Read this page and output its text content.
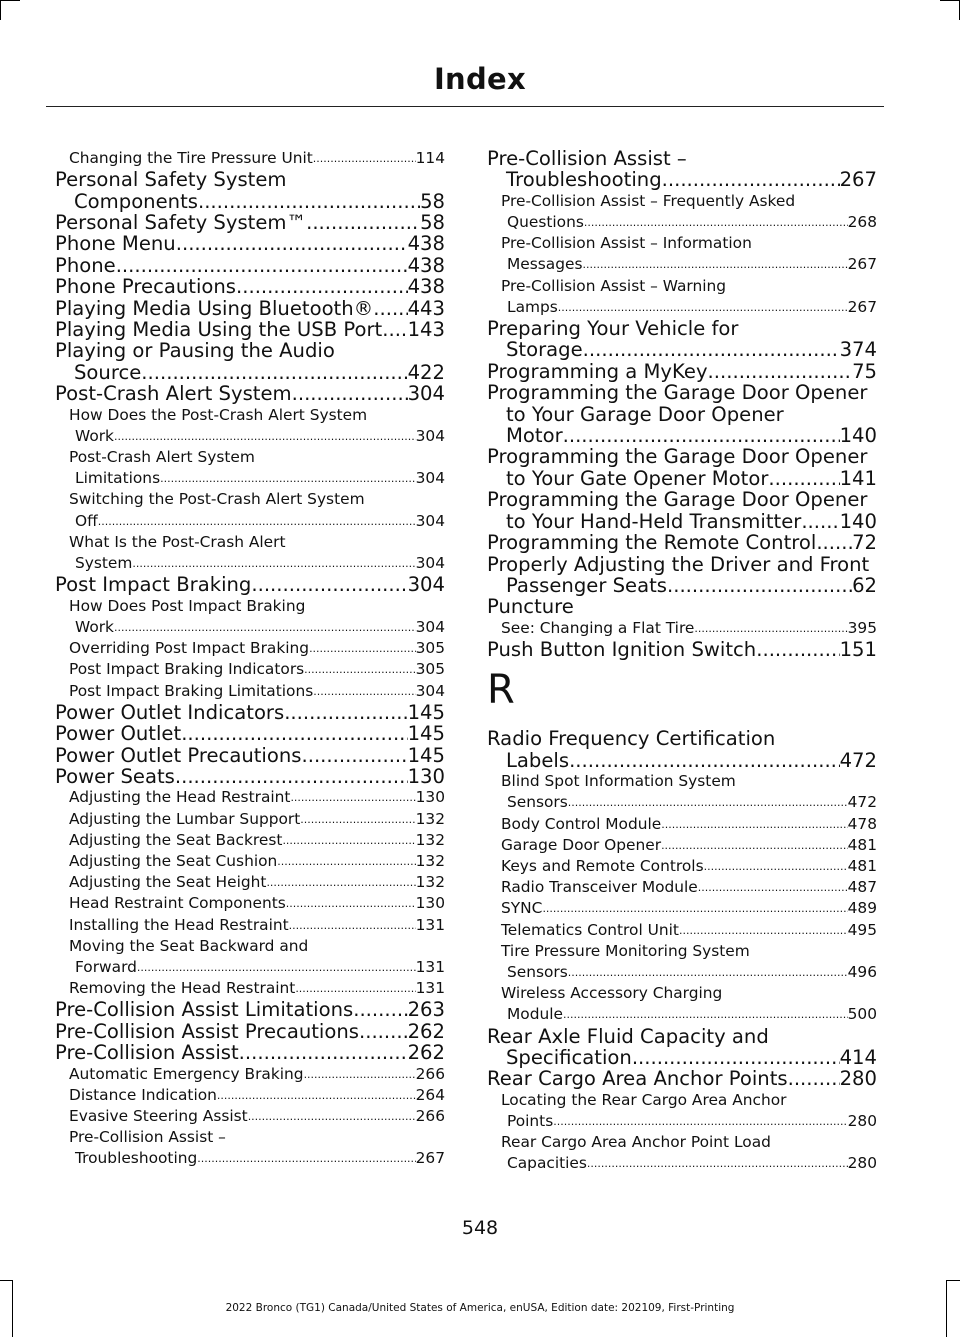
Index
Changing the Tire Pressure Unit .....	114
Personal Safety System
Components .....	58
Personal Safety System™ .....	58
Phone Menu .....	438
Phone .....	438
Phone Precautions .....	438
Playing Media Using Bluetooth® ..... 443
Playing Media Using the USB Port ..... 143
Playing or Pausing the Audio
Source .....	422
Post-Crash Alert System .....	304
How Does the Post-Crash Alert System
Work .....	304
Post-Crash Alert System
Limitations .....	304
Switching the Post-Crash Alert System
Off .....	304
What Is the Post-Crash Alert
System .....	304
Post Impact Braking .....	304
How Does Post Impact Braking
Work .....	304
Overriding Post Impact Braking .....	305
Post Impact Braking Indicators .....	305
Post Impact Braking Limitations .....	304
Power Outlet Indicators .....	145
Power Outlet .....	145
Power Outlet Precautions .....	145
Power Seats .....	130
Adjusting the Head Restraint .....	130
Adjusting the Lumbar Support .....	132
Adjusting the Seat Backrest .....	132
Adjusting the Seat Cushion .....	132
Adjusting the Seat Height .....	132
Head Restraint Components .....	130
Installing the Head Restraint .....	131
Moving the Seat Backward and
Forward .....	131
Removing the Head Restraint .....	131
Pre-Collision Assist Limitations .....	263
Pre-Collision Assist Precautions ..... 262
Pre-Collision Assist .....	262
Automatic Emergency Braking .....	266
Distance Indication .....	264
Evasive Steering Assist .....	266
Pre-Collision Assist –
Troubleshooting .....	267
Pre-Collision Assist –
Troubleshooting .....	267
Pre-Collision Assist – Frequently Asked
Questions .....	268
Pre-Collision Assist – Information
Messages .....	267
Pre-Collision Assist – Warning
Lamps .....	267
Preparing Your Vehicle for
Storage .....	374
Programming a MyKey .....	75
Programming the Garage Door Opener
to Your Garage Door Opener
Motor .....	140
Programming the Garage Door Opener
to Your Gate Opener Motor .....	141
Programming the Garage Door Opener
to Your Hand-Held Transmitter ..... 140
Programming the Remote Control ..... 72
Properly Adjusting the Driver and Front
Passenger Seats .....	62
Puncture
See: Changing a Flat Tire .....	395
Push Button Ignition Switch .....	151
R
Radio Frequency Certification
Labels .....	472
Blind Spot Information System
Sensors .....	472
Body Control Module .....	478
Garage Door Opener .....	481
Keys and Remote Controls .....	481
Radio Transceiver Module .....	487
SYNC .....	489
Telematics Control Unit .....	495
Tire Pressure Monitoring System
Sensors .....	496
Wireless Accessory Charging
Module .....	500
Rear Axle Fluid Capacity and
Specification .....	414
Rear Cargo Area Anchor Points .....	280
Locating the Rear Cargo Area Anchor
Points .....	280
Rear Cargo Area Anchor Point Load
Capacities .....	280
548
2022 Bronco (TG1) Canada/United States of America, enUSA, Edition date: 202109, First-Printing
